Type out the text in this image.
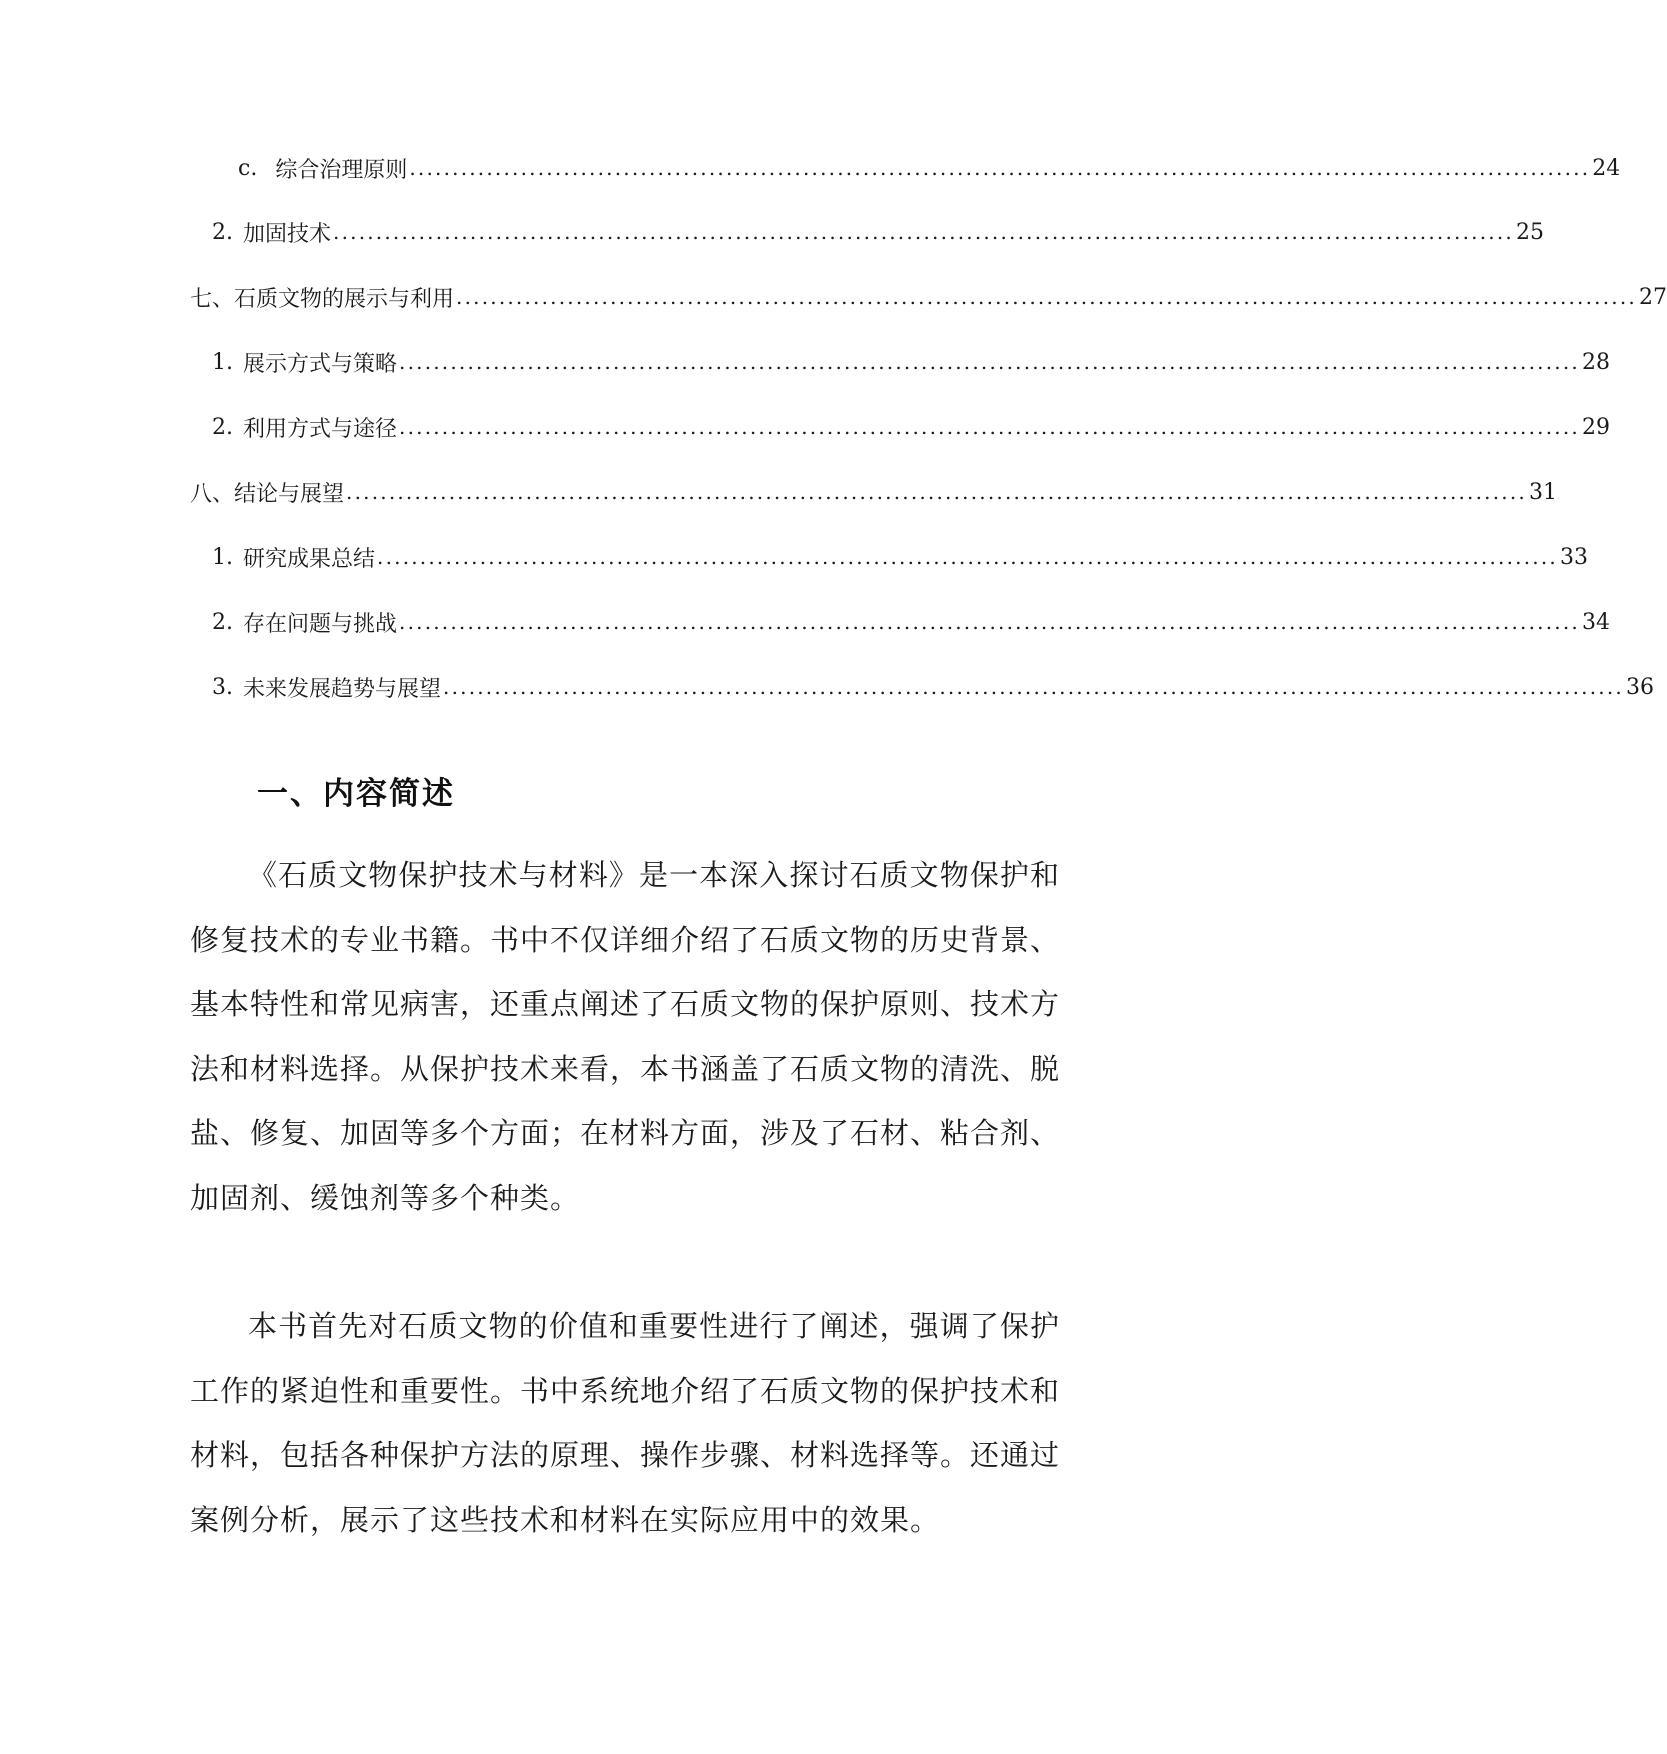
c. 综合治理原则 .......................................................................................................................................... 24
2. 加固技术 .......................................................................................................................................... 25
七、 石质文物的展示与利用 .......................................................................................................................................... 27
1. 展示方式与策略 .......................................................................................................................................... 28
2. 利用方式与途径 .......................................................................................................................................... 29
八、 结论与展望 .......................................................................................................................................... 31
1. 研究成果总结 .......................................................................................................................................... 33
2. 存在问题与挑战 .......................................................................................................................................... 34
3. 未来发展趋势与展望 .......................................................................................................................................... 36
一、内容简述

《石质文物保护技术与材料》是一本深入探讨石质文物保护和修复技术的专业书籍。书中不仅详细介绍了石质文物的历史背景、基本特性和常见病害，还重点阐述了石质文物的保护原则、技术方法和材料选择。从保护技术来看，本书涵盖了石质文物的清洗、脱盐、修复、加固等多个方面；在材料方面，涉及了石材、粘合剂、加固剂、缓蚀剂等多个种类。

本书首先对石质文物的价值和重要性进行了阐述，强调了保护工作的紧迫性和重要性。书中系统地介绍了石质文物的保护技术和材料，包括各种保护方法的原理、操作步骤、材料选择等。还通过案例分析，展示了这些技术和材料在实际应用中的效果。
